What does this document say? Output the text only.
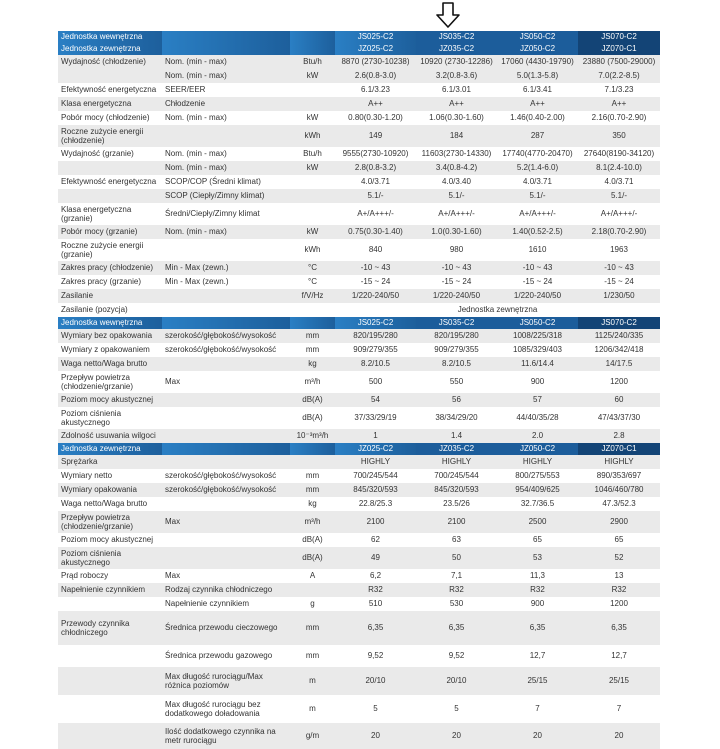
Jednostka wewnętrzna			JS025-C2	JS035-C2	JS050-C2	JS070-C2
Jednostka zewnętrzna			JZ025-C2	JZ035-C2	JZ050-C2	JZ070-C1
Wydajność (chłodzenie)	Nom. (min - max)	Btu/h	8870 (2730-10238)	10920 (2730-12286)	17060 (4430-19790)	23880 (7500-29000)
	Nom. (min - max)	kW	2.6(0.8-3.0)	3.2(0.8-3.6)	5.0(1.3-5.8)	7.0(2.2-8.5)
Efektywność energetyczna	SEER/EER		6.1/3.23	6.1/3.01	6.1/3.41	7.1/3.23
Klasa energetyczna	Chłodzenie		A++	A++	A++	A++
Pobór mocy (chłodzenie)	Nom. (min - max)	kW	0.80(0.30-1.20)	1.06(0.30-1.60)	1.46(0.40-2.00)	2.16(0.70-2.90)
Roczne zużycie energii (chłodzenie)		kWh	149	184	287	350
Wydajność (grzanie)	Nom. (min - max)	Btu/h	9555(2730-10920)	11603(2730-14330)	17740(4770-20470)	27640(8190-34120)
	Nom. (min - max)	kW	2.8(0.8-3.2)	3.4(0.8-4.2)	5.2(1.4-6.0)	8.1(2.4-10.0)
Efektywność energetyczna	SCOP/COP (Średni klimat)		4.0/3.71	4.0/3.40	4.0/3.71	4.0/3.71
	SCOP (Ciepły/Zimny klimat)		5.1/-	5.1/-	5.1/-	5.1/-
Klasa energetyczna (grzanie)	Średni/Ciepły/Zimny klimat		A+/A+++/-	A+/A+++/-	A+/A+++/-	A+/A+++/-
Pobór mocy (grzanie)	Nom. (min - max)	kW	0.75(0.30-1.40)	1.0(0.30-1.60)	1.40(0.52-2.5)	2.18(0.70-2.90)
Roczne zużycie energii (grzanie)		kWh	840	980	1610	1963
Zakres pracy (chłodzenie)	Min - Max (zewn.)	°C	-10 ~ 43	-10 ~ 43	-10 ~ 43	-10 ~ 43
Zakres pracy (grzanie)	Min - Max (zewn.)	°C	-15 ~ 24	-15 ~ 24	-15 ~ 24	-15 ~ 24
Zasilanie		f/V/Hz	1/220-240/50	1/220-240/50	1/220-240/50	1/230/50
Zasilanie (pozycja)			Jednostka zewnętrzna			
Jednostka wewnętrzna			JS025-C2	JS035-C2	JS050-C2	JS070-C2
Wymiary bez opakowania	szerokość/głębokość/wysokość	mm	820/195/280	820/195/280	1008/225/318	1125/240/335
Wymiary z opakowaniem	szerokość/głębokość/wysokość	mm	909/279/355	909/279/355	1085/329/403	1206/342/418
Waga netto/Waga brutto		kg	8.2/10.5	8.2/10.5	11.6/14.4	14/17.5
Przepływ powietrza (chłodzenie/grzanie)	Max	m³/h	500	550	900	1200
Poziom mocy akustycznej		dB(A)	54	56	57	60
Poziom ciśnienia akustycznego		dB(A)	37/33/29/19	38/34/29/20	44/40/35/28	47/43/37/30
Zdolność usuwania wilgoci		10⁻³m³/h	1	1.4	2.0	2.8
Jednostka zewnętrzna			JZ025-C2	JZ035-C2	JZ050-C2	JZ070-C1
Sprężarka			HIGHLY	HIGHLY	HIGHLY	HIGHLY
Wymiary netto	szerokość/głębokość/wysokość	mm	700/245/544	700/245/544	800/275/553	890/353/697
Wymiary opakowania	szerokość/głębokość/wysokość	mm	845/320/593	845/320/593	954/409/625	1046/460/780
Waga netto/Waga brutto		kg	22.8/25.3	23.5/26	32.7/36.5	47.3/52.3
Przepływ powietrza (chłodzenie/grzanie)	Max	m³/h	2100	2100	2500	2900
Poziom mocy akustycznej		dB(A)	62	63	65	65
Poziom ciśnienia akustycznego		dB(A)	49	50	53	52
Prąd roboczy	Max	A	6,2	7,1	11,3	13
Napełnienie czynnikiem	Rodzaj czynnika chłodniczego		R32	R32	R32	R32
	Napełnienie czynnikiem	g	510	530	900	1200
Przewody czynnika chłodniczego	Średnica przewodu cieczowego	mm	6,35	6,35	6,35	6,35
	Średnica przewodu gazowego	mm	9,52	9,52	12,7	12,7
	Max długość rurociągu/Max różnica poziomów	m	20/10	20/10	25/15	25/15
	Max długość rurociągu bez dodatkowego doładowania	m	5	5	7	7
	Ilość dodatkowego czynnika na metr rurociągu	g/m	20	20	20	20
